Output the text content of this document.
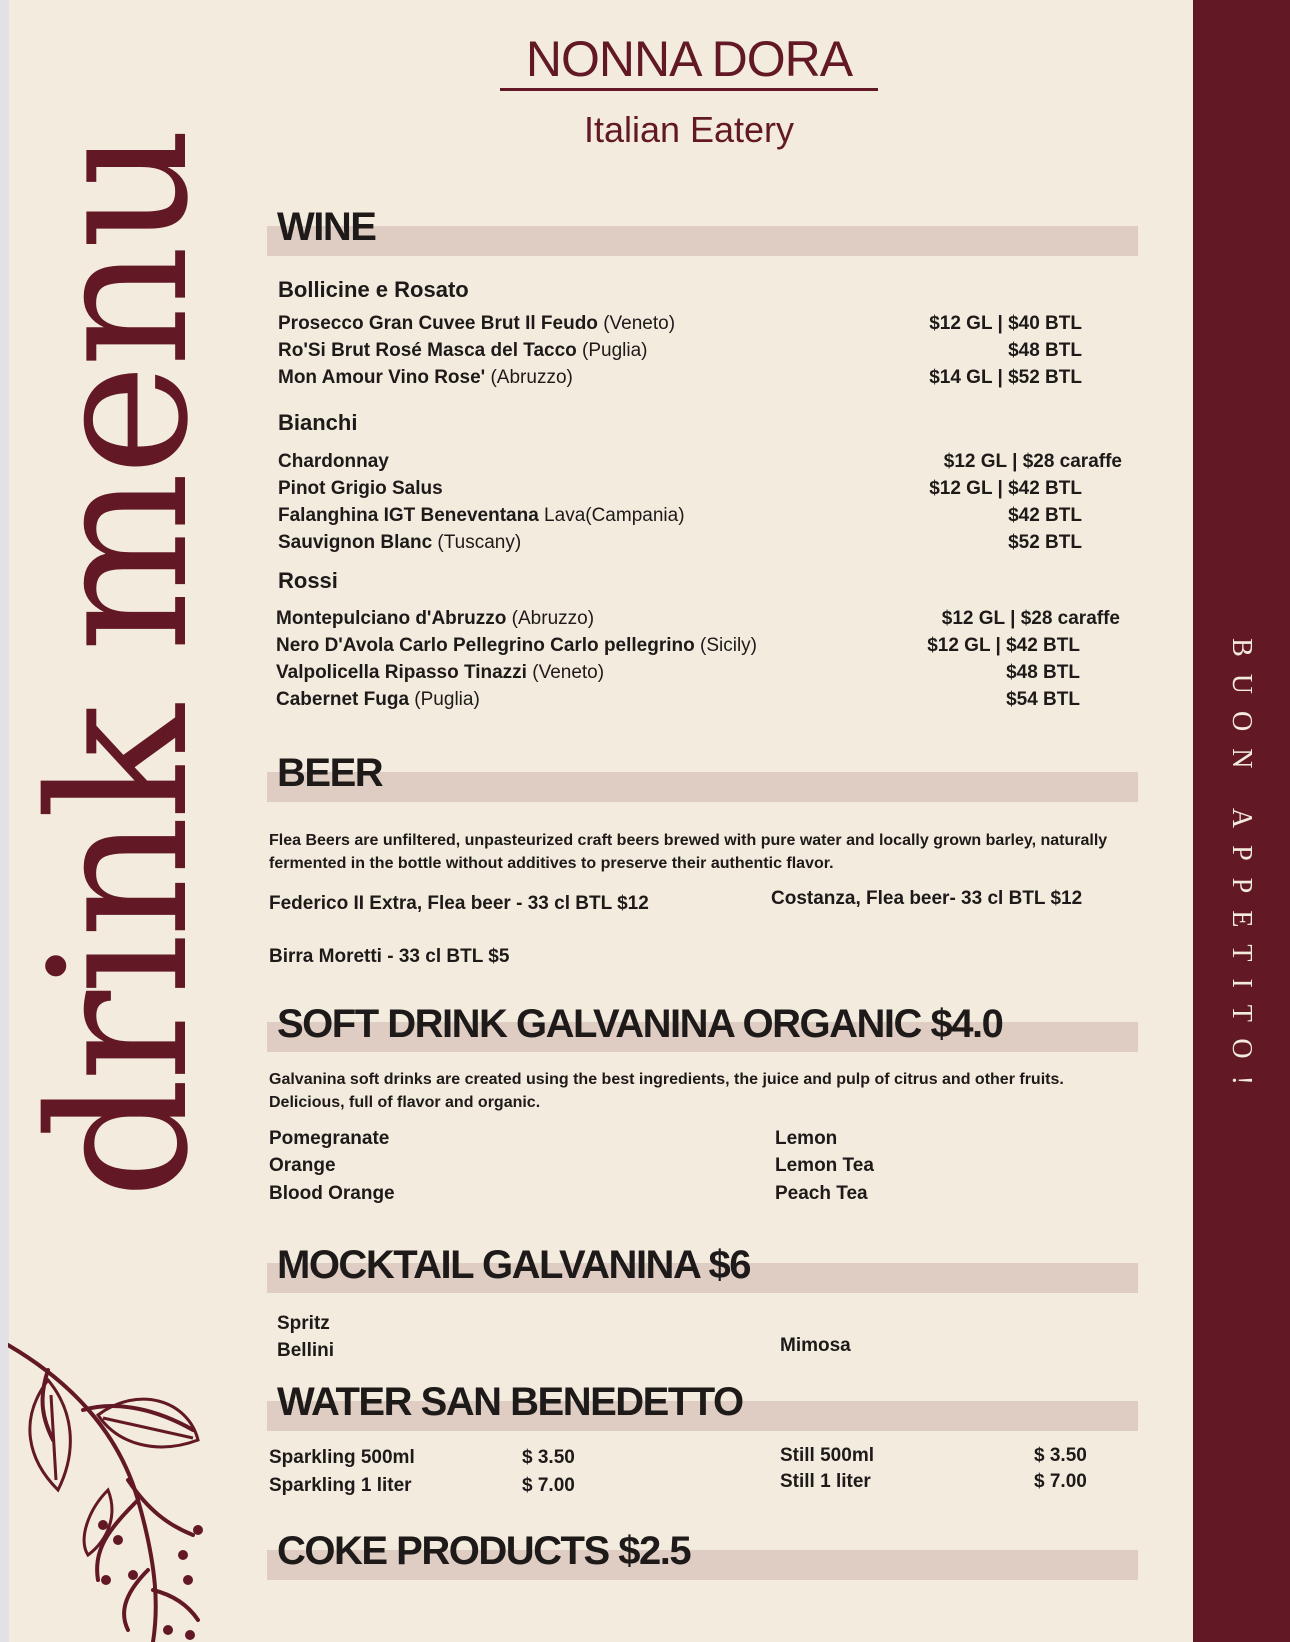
drink menu	BUON APPETITO!
NONNA DORA
Italian Eatery
WINE
Bollicine e Rosato
Prosecco Gran Cuvee Brut Il Feudo (Veneto)	$12 GL | $40 BTL
Ro'Si Brut Rosé Masca del Tacco (Puglia)	$48 BTL
Mon Amour Vino Rose' (Abruzzo)	$14 GL | $52 BTL
Bianchi
Chardonnay	$12 GL | $28 caraffe
Pinot Grigio Salus	$12 GL | $42 BTL
Falanghina IGT Beneventana Lava(Campania)	$42 BTL
Sauvignon Blanc (Tuscany)	$52 BTL
Rossi
Montepulciano d'Abruzzo (Abruzzo)	$12 GL | $28 caraffe
Nero D'Avola Carlo Pellegrino Carlo pellegrino (Sicily)	$12 GL | $42 BTL
Valpolicella Ripasso Tinazzi (Veneto)	$48 BTL
Cabernet Fuga (Puglia)	$54 BTL
BEER
Flea Beers are unfiltered, unpasteurized craft beers brewed with pure water and locally grown barley, naturally fermented in the bottle without additives to preserve their authentic flavor.
Federico II Extra, Flea beer - 33 cl BTL $12	Costanza, Flea beer- 33 cl BTL $12
Birra Moretti - 33 cl BTL $5
SOFT DRINK GALVANINA ORGANIC $4.0
Galvanina soft drinks are created using the best ingredients, the juice and pulp of citrus and other fruits. Delicious, full of flavor and organic.
Pomegranate
Orange
Blood Orange
Lemon
Lemon Tea
Peach Tea
MOCKTAIL GALVANINA $6
Spritz
Bellini	Mimosa
WATER SAN BENEDETTO
Sparkling 500ml	$ 3.50
Sparkling 1 liter	$ 7.00
Still 500ml	$ 3.50
Still 1 liter	$ 7.00
COKE PRODUCTS $2.5
